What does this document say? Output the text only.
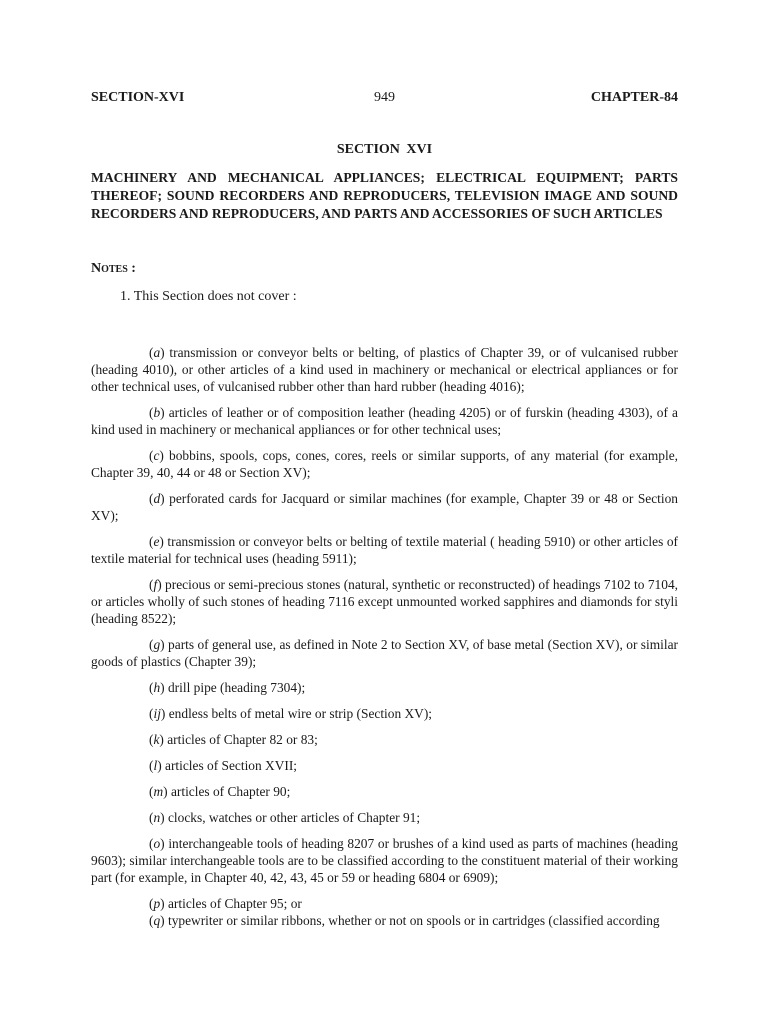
SECTION-XVI	949	CHAPTER-84
SECTION XVI
MACHINERY AND MECHANICAL APPLIANCES; ELECTRICAL EQUIPMENT; PARTS THEREOF; SOUND RECORDERS AND REPRODUCERS, TELEVISION IMAGE AND SOUND RECORDERS AND REPRODUCERS, AND PARTS AND ACCESSORIES OF SUCH ARTICLES
Notes :
1. This Section does not cover :

(a) transmission or conveyor belts or belting, of plastics of Chapter 39, or of vulcanised rubber (heading 4010), or other articles of a kind used in machinery or mechanical or electrical appliances or for other technical uses, of vulcanised rubber other than hard rubber (heading 4016);

(b) articles of leather or of composition leather (heading 4205) or of furskin (heading 4303), of a kind used in machinery or mechanical appliances or for other technical uses;

(c) bobbins, spools, cops, cones, cores, reels or similar supports, of any material (for example, Chapter 39, 40, 44 or 48 or Section XV);

(d) perforated cards for Jacquard or similar machines (for example, Chapter 39 or 48 or Section XV);

(e) transmission or conveyor belts or belting of textile material ( heading 5910) or other articles of textile material for technical uses (heading 5911);

(f) precious or semi-precious stones (natural, synthetic or reconstructed) of headings 7102 to 7104, or articles wholly of such stones of heading 7116 except unmounted worked sapphires and diamonds for styli (heading 8522);

(g) parts of general use, as defined in Note 2 to Section XV, of base metal (Section XV), or similar goods of plastics (Chapter 39);

(h) drill pipe (heading 7304);

(ij) endless belts of metal wire or strip (Section XV);

(k) articles of Chapter 82 or 83;

(l) articles of Section XVII;

(m) articles of Chapter 90;

(n) clocks, watches or other articles of Chapter 91;

(o) interchangeable tools of heading 8207 or brushes of a kind used as parts of machines (heading 9603); similar interchangeable tools are to be classified according to the constituent material of their working part (for example, in Chapter 40, 42, 43, 45 or 59 or heading 6804 or 6909);

(p) articles of Chapter 95; or

(q) typewriter or similar ribbons, whether or not on spools or in cartridges (classified according
